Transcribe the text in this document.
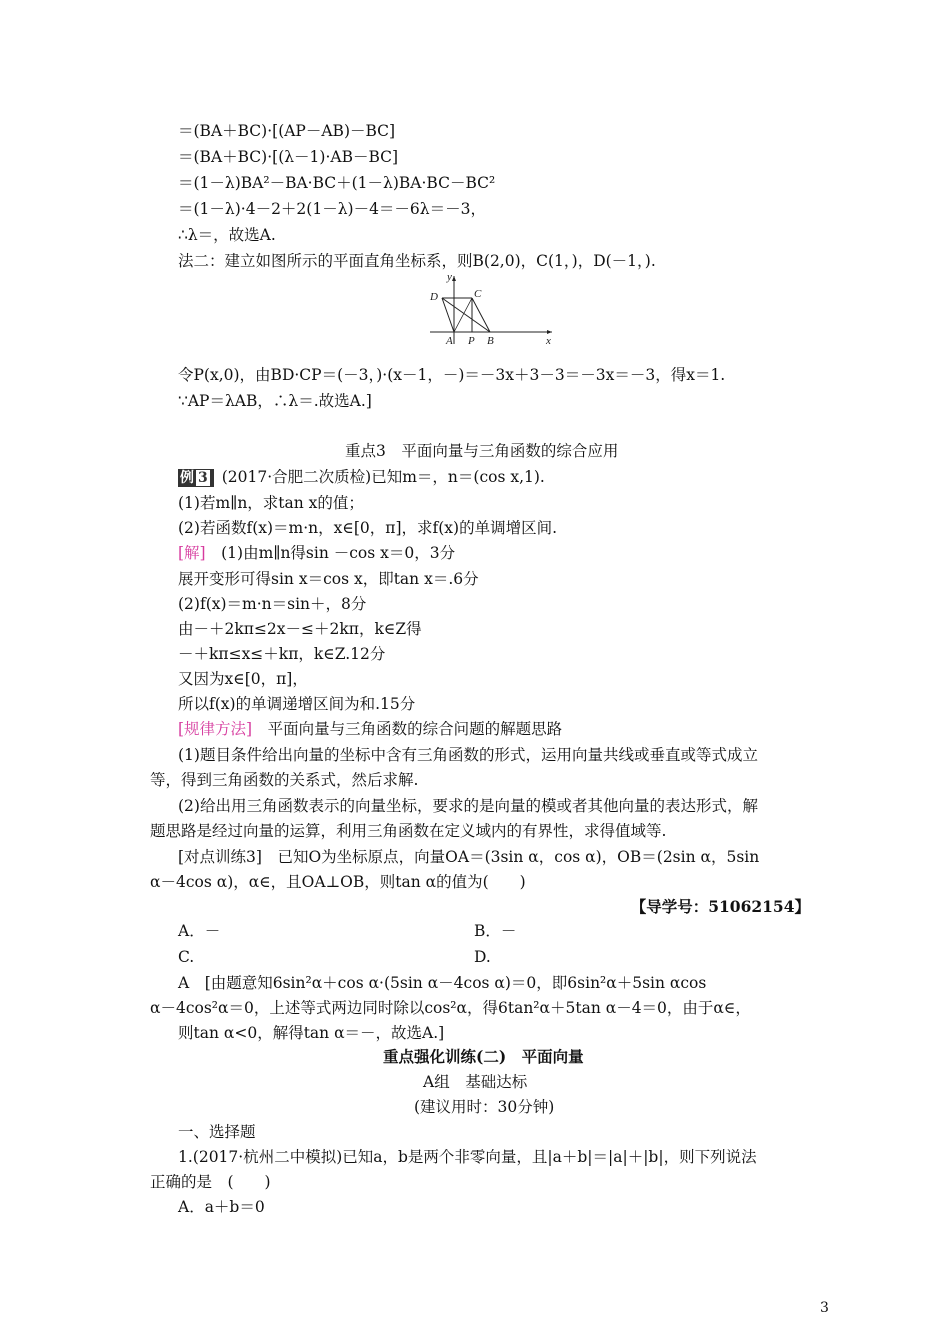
＝(BA＋BC)·[(AP－AB)－BC]
＝(BA＋BC)·[(λ－1)·AB－BC]
＝(1－λ)BA²－BA·BC＋(1－λ)BA·BC－BC²
＝(1－λ)·4－2＋2(1－λ)－4＝－6λ＝－3，
∴λ＝，故选A.
法二：建立如图所示的平面直角坐标系，则B(2,0)，C(1，)，D(－1，).
y
x
D	C
A P B
令P(x,0)，由BD·CP＝(－3，)·(x－1，－)＝－3x＋3－3＝－3x＝－3，得x＝1.
∵AP＝λAB，∴λ＝.故选A.]
重点3　平面向量与三角函数的综合应用
例 3 (2017·合肥二次质检)已知m＝，n＝(cos x,1).
(1)若m∥n，求tan x的值；
(2)若函数f(x)＝m·n，x∈[0，π]，求f(x)的单调增区间.
[解]　 (1)由m∥n得sin －cos x＝0，3分
展开变形可得sin x＝cos x，即tan x＝.6分
(2)f(x)＝m·n＝sin＋，8分
由－＋2kπ≤2x－≤＋2kπ，k∈Z得
－＋kπ≤x≤＋kπ，k∈Z.12分
又因为x∈[0，π]，
所以f(x)的单调递增区间为和.15分
[规律方法]　 平面向量与三角函数的综合问题的解题思路
(1)题目条件给出向量的坐标中含有三角函数的形式，运用向量共线或垂直或等式成立
等，得到三角函数的关系式，然后求解.
(2)给出用三角函数表示的向量坐标，要求的是向量的模或者其他向量的表达形式，解
题思路是经过向量的运算，利用三角函数在定义域内的有界性，求得值域等.
[对点训练3]　已知O为坐标原点，向量OA＝(3sin α，cos α)，OB＝(2sin α，5sin
α－4cos α)，α∈，且OA⊥OB，则tan α的值为(　　)
【导学号：51062154】
A．－	B．－
C.	D.
A　[由题意知6sin²α＋cos α·(5sin α－4cos α)＝0，即6sin²α＋5sin αcos
α－4cos²α＝0，上述等式两边同时除以cos²α，得6tan²α＋5tan α－4＝0，由于α∈，
则tan α<0，解得tan α＝－，故选A.]
重点强化训练(二)　平面向量
A组　基础达标
(建议用时：30分钟)
一、选择题
1.(2017·杭州二中模拟)已知a，b是两个非零向量，且|a＋b|＝|a|＋|b|，则下列说法
正确的是　(　　)
A．a＋b＝0
3
